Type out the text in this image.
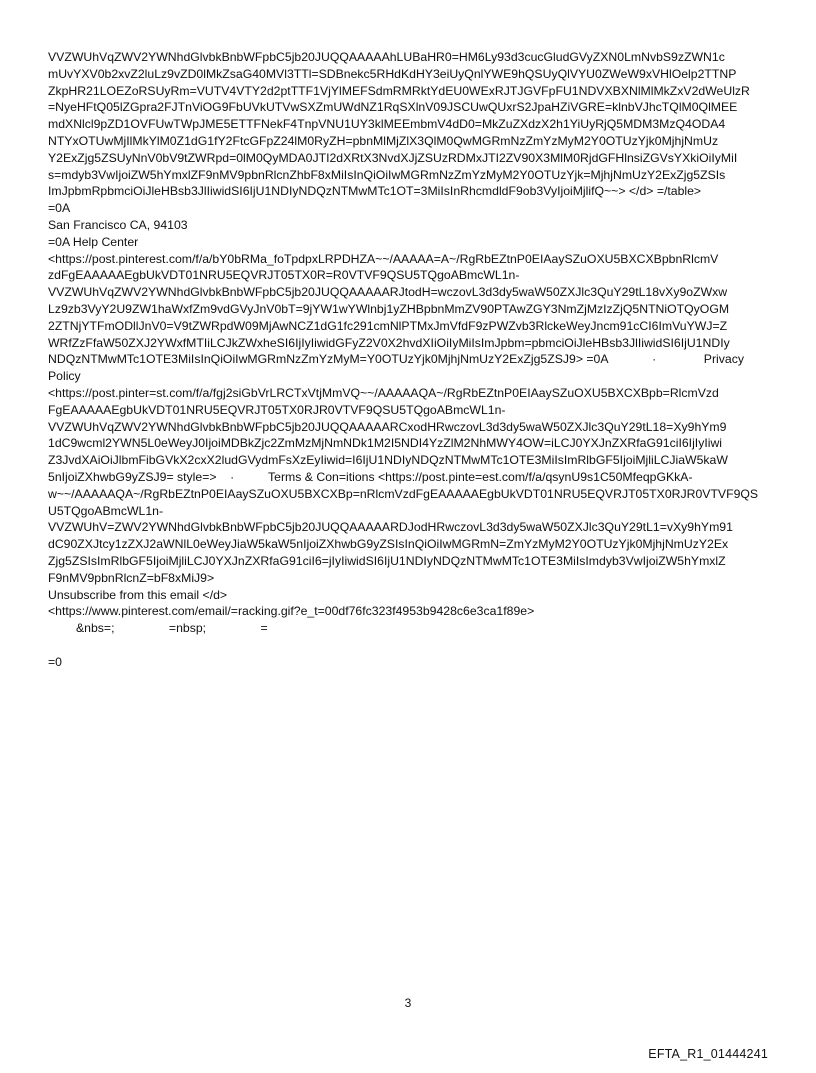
VVZWUhVqZWV2YWNhdGlvbkBnbWFpbC5jb20JUQQAAAAAhLUBaHR0=HM6Ly93d3cucGludGVyZXN0LmNvbS9zZWN1c
mUvYXV0b2xvZ2luLz9vZD0lMkZsaG40MVl3TTl=SDBnekc5RHdKdHY3eiUyQnlYWE9hQSUyQlVYU0ZWeW9xVHlOelp2TTNP
ZkpHR21LOEZoRSUyRm=VUTV4VTY2d2ptTTF1VjYlMEFSdmRMRktYdEU0WExRJTJGVFpFU1NDVXBXNlMlMkZxV2dWeUlzR
=NyeHFtQ05lZGpra2FJTnViOG9FbUVkUTVwSXZmUWdNZ1RqSXlnV09JSCUwQUxrS2JpaHZiVGRE=klnbVJhcTQlM0QlMEE
mdXNlcl9pZD1OVFUwTWpJME5ETTFNekF4TnpVNU1UY3klMEEmbmV4dD0=MkZuZXdzX2h1YiUyRjQ5MDM3MzQ4ODA4
NTYxOTUwMjIlMkYlM0Z1dG1fY2FtcGFpZ24lM0RyZH=pbnMlMjZlX3QlM0QwMGRmNzZmYzMyM2Y0OTUzYjk0MjhjNmUz
Y2ExZjg5ZSUyNnV0bV9tZWRpd=0lM0QyMDA0JTI2dXRtX3NvdXJjZSUzRDMxJTI2ZV90X3MlM0RjdGFHlnsiZGVsYXkiOiIyMiI
s=mdyb3VwIjoiZW5hYmxlZF9nMV9pbnRlcnZhbF8xMiIsInQiOiIwMGRmNzZmYzMyM2Y0OTUzYjk=MjhjNmUzY2ExZjg5ZSIs
ImJpbmRpbmciOiJleHBsb3JlIiwidSI6IjU1NDIyNDQzNTMwMTc1OT=3MiIsInRhcmdldF9ob3VyIjoiMjlifQ~~> </d> =/table>
=0A
San Francisco CA, 94103
=0A Help Center
<https://post.pinterest.com/f/a/bY0bRMa_foTpdpxLRPDHZA~~/AAAAA=A~/RgRbEZtnP0EIAaySZuOXU5BXCXBpbnRlcmV
zdFgEAAAAAEgbUkVDT01NRU5EQVRJT05TX0R=R0VTVF9QSU5TQgoABmcWL1n-
VVZWUhVqZWV2YWNhdGlvbkBnbWFpbC5jb20JUQQAAAAARJtodH=wczovL3d3dy5waW50ZXJlc3QuY29tL18vXy9oZWxw
Lz9zb3VyY2U9ZW1haWxfZm9vdGVyJnV0bT=9jYW1wYWlnbj1yZHBpbnMmZV90PTAwZGY3NmZjMzIzZjQ5NTNiOTQyOGM
2ZTNjYTFmODllJnV0=V9tZWRpdW09MjAwNCZ1dG1fc291cmNlPTMxJmVfdF9zPWZvb3RlckeWeyJncm91cCI6ImVuYWJ=Z
WRfZzFfaW50ZXJ2YWxfMTIiLCJkZWxheSI6IjIyIiwidGFyZ2V0X2hvdXIiOiIyMiIsImJpbm=pbmciOiJleHBsb3JlIiwidSI6IjU1NDIy
NDQzNTMwMTc1OTE3MiIsInQiOiIwMGRmNzZmYzMyM=Y0OTUzYjk0MjhjNmUzY2ExZjg5ZSJ9> =0A             ·              Privacy
Policy
<https://post.pinter=st.com/f/a/fgj2siGbVrLRCTxVtjMmVQ~~/AAAAAQA~/RgRbEZtnP0EIAaySZuOXU5BXCXBpb=RlcmVzd
FgEAAAAAEgbUkVDT01NRU5EQVRJT05TX0RJR0VTVF9QSU5TQgoABmcWL1n-
VVZWUhVqZWV2YWNhdGlvbkBnbWFpbC5jb20JUQQAAAAARCxodHRwczovL3d3dy5waW50ZXJlc3QuY29tL18=Xy9hYm9
1dC9wcml2YWN5L0eWeyJ0IjoiMDBkZjc2ZmMzMjNmNDk1M2I5NDI4YzZlM2NhMWY4OW=iLCJ0YXJnZXRfaG91ciI6IjIyIiwi
Z3JvdXAiOiJlbmFibGVkX2cxX2ludGVydmFsXzEyIiwid=I6IjU1NDIyNDQzNTMwMTc1OTE3MiIsImRlbGF5IjoiMjliLCJiaW5kaW
5nIjoiZXhwbG9yZSJ9= style=>    ·          Terms & Con=itions <https://post.pinte=est.com/f/a/qsynU9s1C50MfeqpGKkA-
w~~/AAAAAQA~/RgRbEZtnP0EIAaySZuOXU5BXCXBp=nRlcmVzdFgEAAAAAEgbUkVDT01NRU5EQVRJT05TX0RJR0VTVF9QS
U5TQgoABmcWL1n-
VVZWUhV=ZWV2YWNhdGlvbkBnbWFpbC5jb20JUQQAAAAARDJodHRwczovL3d3dy5waW50ZXJlc3QuY29tL1=vXy9hYm91
dC90ZXJtcy1zZXJ2aWNlL0eWeyJiaW5kaW5nIjoiZXhwbG9yZSIsInQiOiIwMGRmN=ZmYzMyM2Y0OTUzYjk0MjhjNmUzY2Ex
Zjg5ZSIsImRlbGF5IjoiMjliLCJ0YXJnZXRfaG91ciI6=jIyIiwidSI6IjU1NDIyNDQzNTMwMTc1OTE3MiIsImdyb3VwIjoiZW5hYmxlZ
F9nMV9pbnRlcnZ=bF8xMiJ9>
Unsubscribe from this email </d>
<https://www.pinterest.com/email/=racking.gif?e_t=00df76fc323f4953b9428c6e3ca1f89e>
&nbs=;                =nbsp;                =
=0
3
EFTA_R1_01444241
